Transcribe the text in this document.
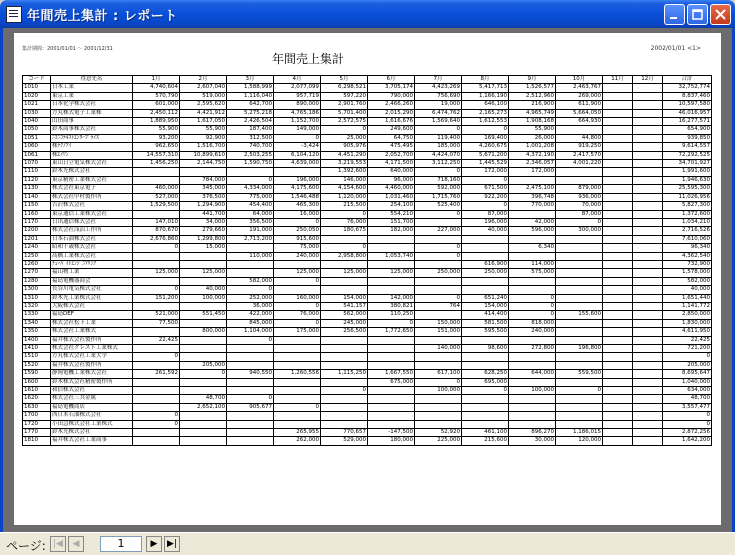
年間売上集計 : レポート
集計期間：2001/01/01 ～ 2001/12/31	2002/01/01 <1>
年間売上集計
コード	得意先名	1月	2月	3月	4月	5月	6月	7月	8月	9月	10月	11月	12月	合計
1010	日本工業	4,740,604	2,607,040	1,588,999	2,077,099	6,298,521	3,705,174	4,423,269	5,417,713	1,526,577	2,463,767			32,752,774
1020	東京工業	570,790	519,000	1,116,040	957,719	597,220	790,000	756,690	1,166,190	2,512,960	269,000			8,837,460
1021	日本化学株式会社	601,000	2,595,620	642,700	890,000	2,901,760	2,466,260	19,000	646,100	216,900	611,900			10,597,580
1030	方丸株式電子工業株	2,450,112	4,421,912	5,275,218	4,765,186	5,701,400	2,015,290	6,474,762	2,165,273	4,965,749	5,664,050			46,016,957
1040	山田商事	1,889,950	1,617,050	2,426,504	1,152,700	2,572,575	1,616,676	1,569,640	1,612,553	1,908,168	664,930			16,277,571
1050	鈴木商事株式会社	55,900	55,900	187,400	149,000	0	249,600	0	0	55,900				654,900
1051	ﾆｺﾆｺﾃｷｽﾄｴﾝﾀｰﾌﾟﾗｲｽﾞ	93,200	92,900	312,500	0	25,000	64,750	119,400	169,400	26,000	44,800			939,850
1060	株ﾃｸﾉｱｲ	962,650	1,516,700	740,700	-3,424	905,976	475,495	185,000	4,260,675	1,001,208	919,250			9,614,557
1061	株ｴｲﾘﾝ	14,557,310	10,899,610	2,503,255	6,104,120	4,451,290	2,052,700	4,424,070	5,671,200	4,372,190	2,417,570			72,292,525
1070	東山日立電気株式会社	1,456,250	2,144,750	1,590,750	4,639,000	3,219,553	4,171,500	3,112,250	1,445,529	2,346,057	4,001,220			34,701,927
1110	鈴木光株式会社					1,392,600	640,000	0	172,000	172,000				1,991,600
1120	東京精密工業株式会社		784,000	0	196,000	146,000	96,000	718,160	0					1,946,630
1130	株式会社東京電子	460,000	345,000	4,334,000	4,175,600	4,154,600	4,460,000	592,000	671,500	2,475,100	879,000			25,595,300
1140	株式会社中村製作所	527,000	376,500	775,000	1,546,488	1,120,000	1,031,460	1,715,760	922,200	396,748	936,000			11,026,956
1150	吉沢株式会社	1,529,500	1,294,900	454,400	465,300	215,500	254,100	525,400	0	770,000	70,000			5,827,300
1160	東京通信工業株式会社		441,700	64,000	16,000	0	554,210	0	87,000		87,000			1,372,600
1170	日出通信株式会社	147,010	34,000	356,500	0	76,000	151,700		196,000	42,000	0			1,034,210
1200	株式会社浅沼工作所	870,670	279,660	191,000	250,050	180,675	182,000	227,000	40,000	596,000	300,000			2,716,526
1201	日本石油株式会社	2,676,860	1,299,800	2,713,200	915,600									7,610,060
1240	昭和千歳株式会社	0	15,000		75,000	0		0		6,340				96,340
1250	高橋工業株式会社			110,000	240,000	2,958,800	1,053,740	0						4,362,540
1260	ﾁｭｰﾊﾞｲﾄｴﾝｼﾞﾆｱﾘﾝｸﾞ								616,900	114,000				732,900
1270	福山物工業	125,000	125,000		125,000	125,000	125,000	250,000	250,000	575,000				1,578,000
1280	福島電機器商会			582,000	0									582,000
1300	長谷川電気株式会社	0	40,000	0										40,000
1310	鈴木光工業株式会社	151,200	100,000	252,000	160,000	154,000	142,000	0	651,240	0				1,651,440
1320	大阪株式会社			36,000	0	541,157	380,821	764	154,000	0				1,141,772
1330	福島DEF	521,000	551,450	422,000	76,000	562,000	110,250		414,400	0	155,600			2,850,000
1340	株式会社松下工業	77,500		845,000	0	245,000	0	150,000	581,500	818,000				1,830,000
1350	株式会社工業株式		800,000	1,104,000	175,000	256,500	1,772,650	151,000	595,500	240,000				4,611,950
1400	福井株式会社製作所	22,425		0										22,425
1410	株式会社クレスト工業株式							140,000	98,600	272,800	196,800			721,200
1510	方丸株式会社工業大学	0												0
1520	福井株式会社製作所		205,000											205,000
1590	静岡電機工業株式会社	261,592	0	940,550	1,260,556	1,115,250	1,667,550	617,100	628,250	644,000	559,500			8,695,647
1600	鈴木株式会社精密製作所						675,000	0	695,000					1,040,000
1610	和信株式会社					0		100,000	0	100,000	0			634,000
1620	株式会社三共金属		48,700	0										48,700
1630	福島電機商店		2,652,100	905,677	0									3,557,477
1700	西日本石油株式会社	0												0
1720	小田急株式会社工業株式	0												0
1770	鈴木光株式会社				265,955	770,657	-147,500	52,920	461,100	896,270	1,186,015			2,872,256
1810	福井株式会社工業商事				262,000	529,000	180,000	225,000	215,600	30,000	120,000			1,642,200
ページ: |◀	◀	1	▶	▶|
